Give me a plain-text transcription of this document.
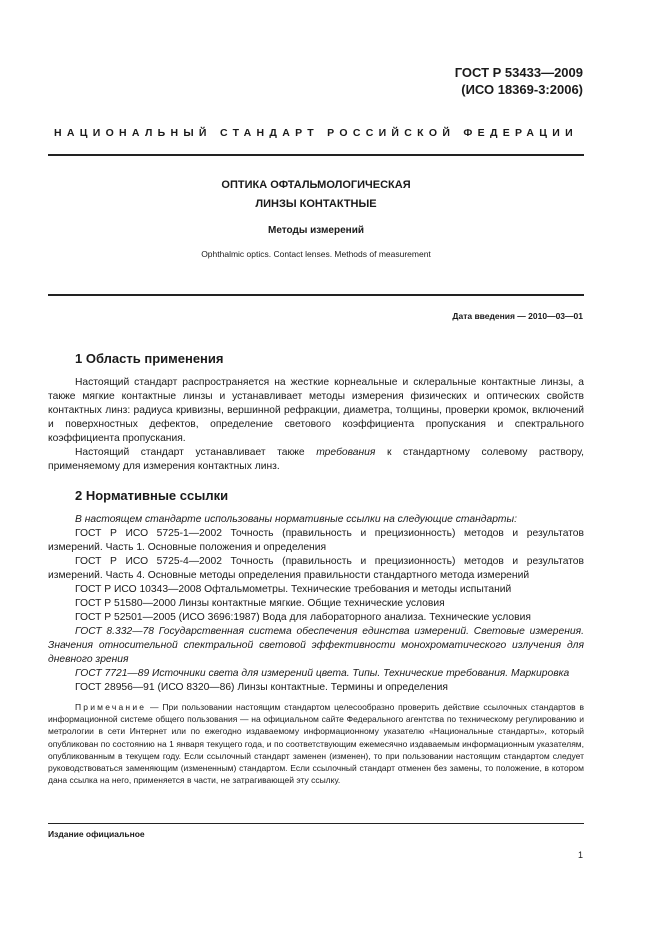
ГОСТ Р 53433—2009
(ИСО 18369-3:2006)
НАЦИОНАЛЬНЫЙ СТАНДАРТ РОССИЙСКОЙ ФЕДЕРАЦИИ
ОПТИКА ОФТАЛЬМОЛОГИЧЕСКАЯ
ЛИНЗЫ КОНТАКТНЫЕ
Методы измерений
Ophthalmic optics. Contact lenses. Methods of measurement
Дата введения — 2010—03—01
1 Область применения

Настоящий стандарт распространяется на жесткие корнеальные и склеральные контактные линзы, а также мягкие контактные линзы и устанавливает методы измерения физических и оптических свойств контактных линз: радиуса кривизны, вершинной рефракции, диаметра, толщины, проверки кромок, включений и поверхностных дефектов, определение светового коэффициента пропускания и спектрального коэффициента пропускания.

Настоящий стандарт устанавливает также требования к стандартному солевому раствору, применяемому для измерения контактных линз.

2 Нормативные ссылки

В настоящем стандарте использованы нормативные ссылки на следующие стандарты:

ГОСТ Р ИСО 5725-1—2002 Точность (правильность и прецизионность) методов и результатов измерений. Часть 1. Основные положения и определения

ГОСТ Р ИСО 5725-4—2002 Точность (правильность и прецизионность) методов и результатов измерений. Часть 4. Основные методы определения правильности стандартного метода измерений

ГОСТ Р ИСО 10343—2008 Офтальмометры. Технические требования и методы испытаний

ГОСТ Р 51580—2000 Линзы контактные мягкие. Общие технические условия

ГОСТ Р 52501—2005 (ИСО 3696:1987) Вода для лабораторного анализа. Технические условия

ГОСТ 8.332—78 Государственная система обеспечения единства измерений. Световые измерения. Значения относительной спектральной световой эффективности монохроматического излучения для дневного зрения

ГОСТ 7721—89 Источники света для измерений цвета. Типы. Технические требования. Маркировка

ГОСТ 28956—91 (ИСО 8320—86) Линзы контактные. Термины и определения

Примечание — При пользовании настоящим стандартом целесообразно проверить действие ссылочных стандартов в информационной системе общего пользования — на официальном сайте Федерального агентства по техническому регулированию и метрологии в сети Интернет или по ежегодно издаваемому информационному указателю «Национальные стандарты», который опубликован по состоянию на 1 января текущего года, и по соответствующим ежемесячно издаваемым информационным указателям, опубликованным в текущем году. Если ссылочный стандарт заменен (изменен), то при пользовании настоящим стандартом следует руководствоваться заменяющим (измененным) стандартом. Если ссылочный стандарт отменен без замены, то положение, в котором дана ссылка на него, применяется в части, не затрагивающей эту ссылку.

Издание официальное
1
